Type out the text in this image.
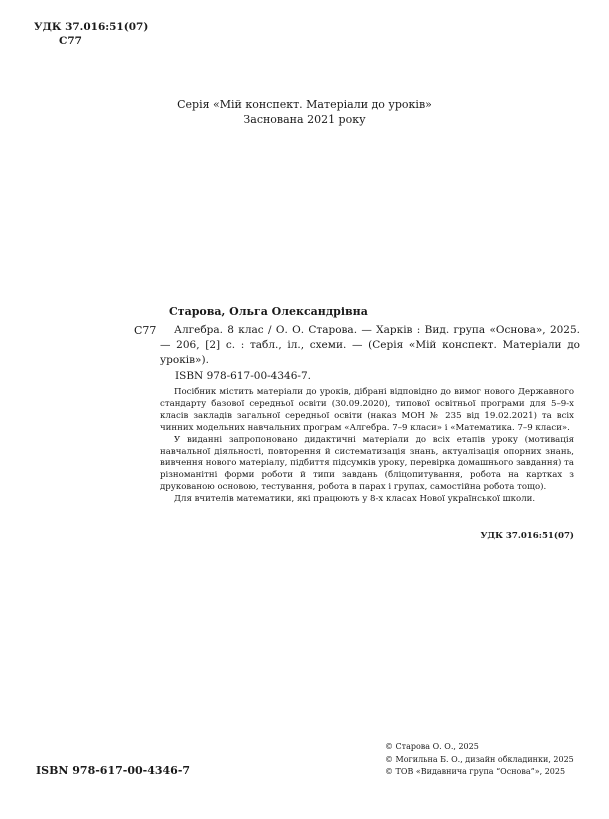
УДК 37.016:51(07)
С77
Серія «Мій конспект. Матеріали до уроків»
Заснована 2021 року
Старова, Ольга Олександрівна
С77	Алгебра. 8 клас / О. О. Старова. — Харків : Вид. група «Основа», 2025. — 206, [2] с. : табл., іл., схеми. — (Серія «Мій конспект. Матеріали до уроків»).
ISBN 978-617-00-4346-7.

Посібник містить матеріали до уроків, дібрані відповідно до вимог нового Державного стандарту базової середньої освіти (30.09.2020), типової освітньої програми для 5–9-х класів закладів загальної середньої освіти (наказ МОН № 235 від 19.02.2021) та всіх чинних модельних навчальних програм «Алгебра. 7–9 класи» і «Математика. 7–9 класи».

У виданні запропоновано дидактичні матеріали до всіх етапів уроку (мотивація навчальної діяльності, повторення й систематизація знань, актуалізація опорних знань, вивчення нового матеріалу, підбиття підсумків уроку, перевірка домашнього завдання) та різноманітні форми роботи й типи завдань (бліцопитування, робота на картках з друкованою основою, тестування, робота в парах і групах, самостійна робота тощо).

Для вчителів математики, які працюють у 8-х класах Нової української школи.

УДК 37.016:51(07)
© Старова О. О., 2025
© Могильна Б. О., дизайн обкладинки, 2025
© ТОВ «Видавнича група “Основа”», 2025
ISBN 978-617-00-4346-7
